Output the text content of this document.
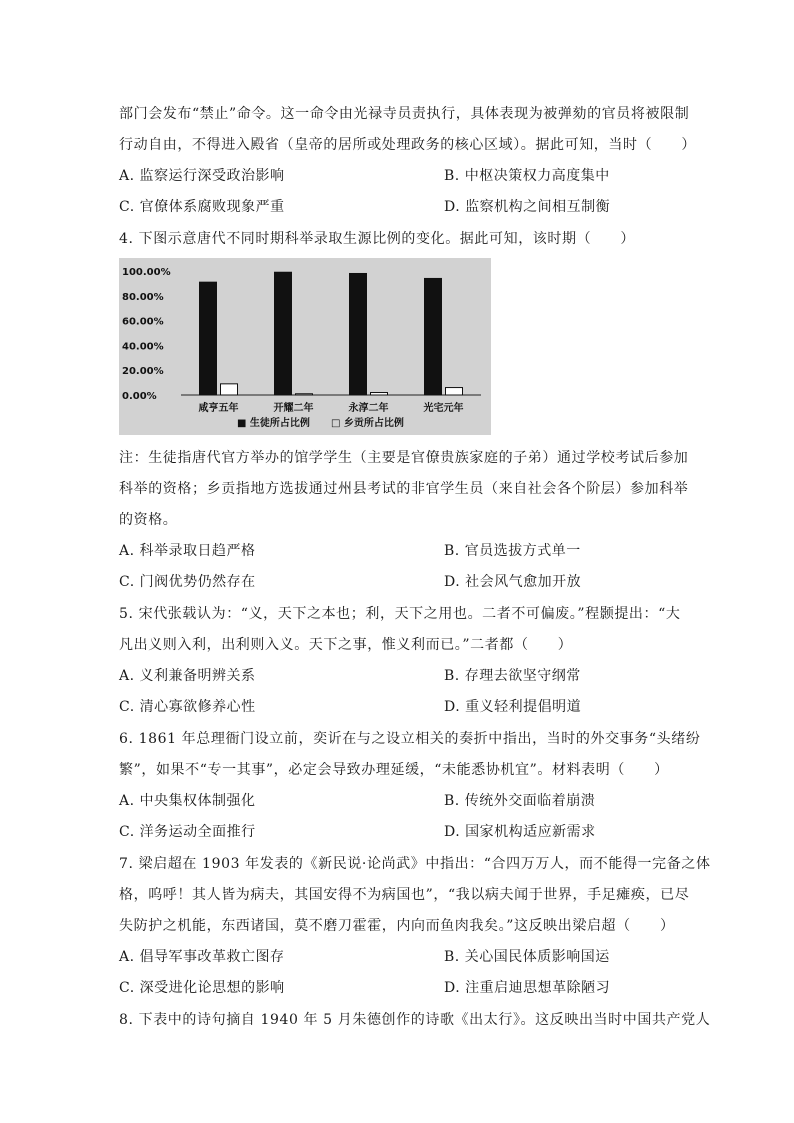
部门会发布“禁止”命令。这一命令由光禄寺员责执行，具体表现为被弹劾的官员将被限制
行动自由，不得进入殿省（皇帝的居所或处理政务的核心区域）。据此可知，当时（　　）
A. 监察运行深受政治影响	B. 中枢决策权力高度集中
C. 官僚体系腐败现象严重	D. 监察机构之间相互制衡
4. 下图示意唐代不同时期科举录取生源比例的变化。据此可知，该时期（　　）
100.00%
80.00%
60.00%
40.00%
20.00%
0.00%
咸亨五年	开耀二年	永淳二年	光宅元年
■ 生徒所占比例 □ 乡贡所占比例
注：生徒指唐代官方举办的馆学学生（主要是官僚贵族家庭的子弟）通过学校考试后参加
科举的资格；乡贡指地方选拔通过州县考试的非官学生员（来自社会各个阶层）参加科举
的资格。
A. 科举录取日趋严格	B. 官员选拔方式单一
C. 门阀优势仍然存在	D. 社会风气愈加开放
5. 宋代张载认为：“义，天下之本也；利，天下之用也。二者不可偏废。”程颢提出：“大
凡出义则入利，出利则入义。天下之事，惟义利而已。”二者都（　　）
A. 义利兼备明辨关系	B. 存理去欲坚守纲常
C. 清心寡欲修养心性	D. 重义轻利提倡明道
6. 1861 年总理衙门设立前，奕䜣在与之设立相关的奏折中指出，当时的外交事务“头绪纷
繁”，如果不“专一其事”，必定会导致办理延缓，“未能悉协机宜”。材料表明（　　）
A. 中央集权体制强化	B. 传统外交面临着崩溃
C. 洋务运动全面推行	D. 国家机构适应新需求
7. 梁启超在 1903 年发表的《新民说·论尚武》中指出：“合四万万人，而不能得一完备之体
格，呜呼！其人皆为病夫，其国安得不为病国也”，“我以病夫闻于世界，手足瘫痪，已尽
失防护之机能，东西诸国，莫不磨刀霍霍，内向而鱼肉我矣。”这反映出梁启超（　　）
A. 倡导军事改革救亡图存	B. 关心国民体质影响国运
C. 深受进化论思想的影响	D. 注重启迪思想革除陋习
8. 下表中的诗句摘自 1940 年 5 月朱德创作的诗歌《出太行》。这反映出当时中国共产党人
